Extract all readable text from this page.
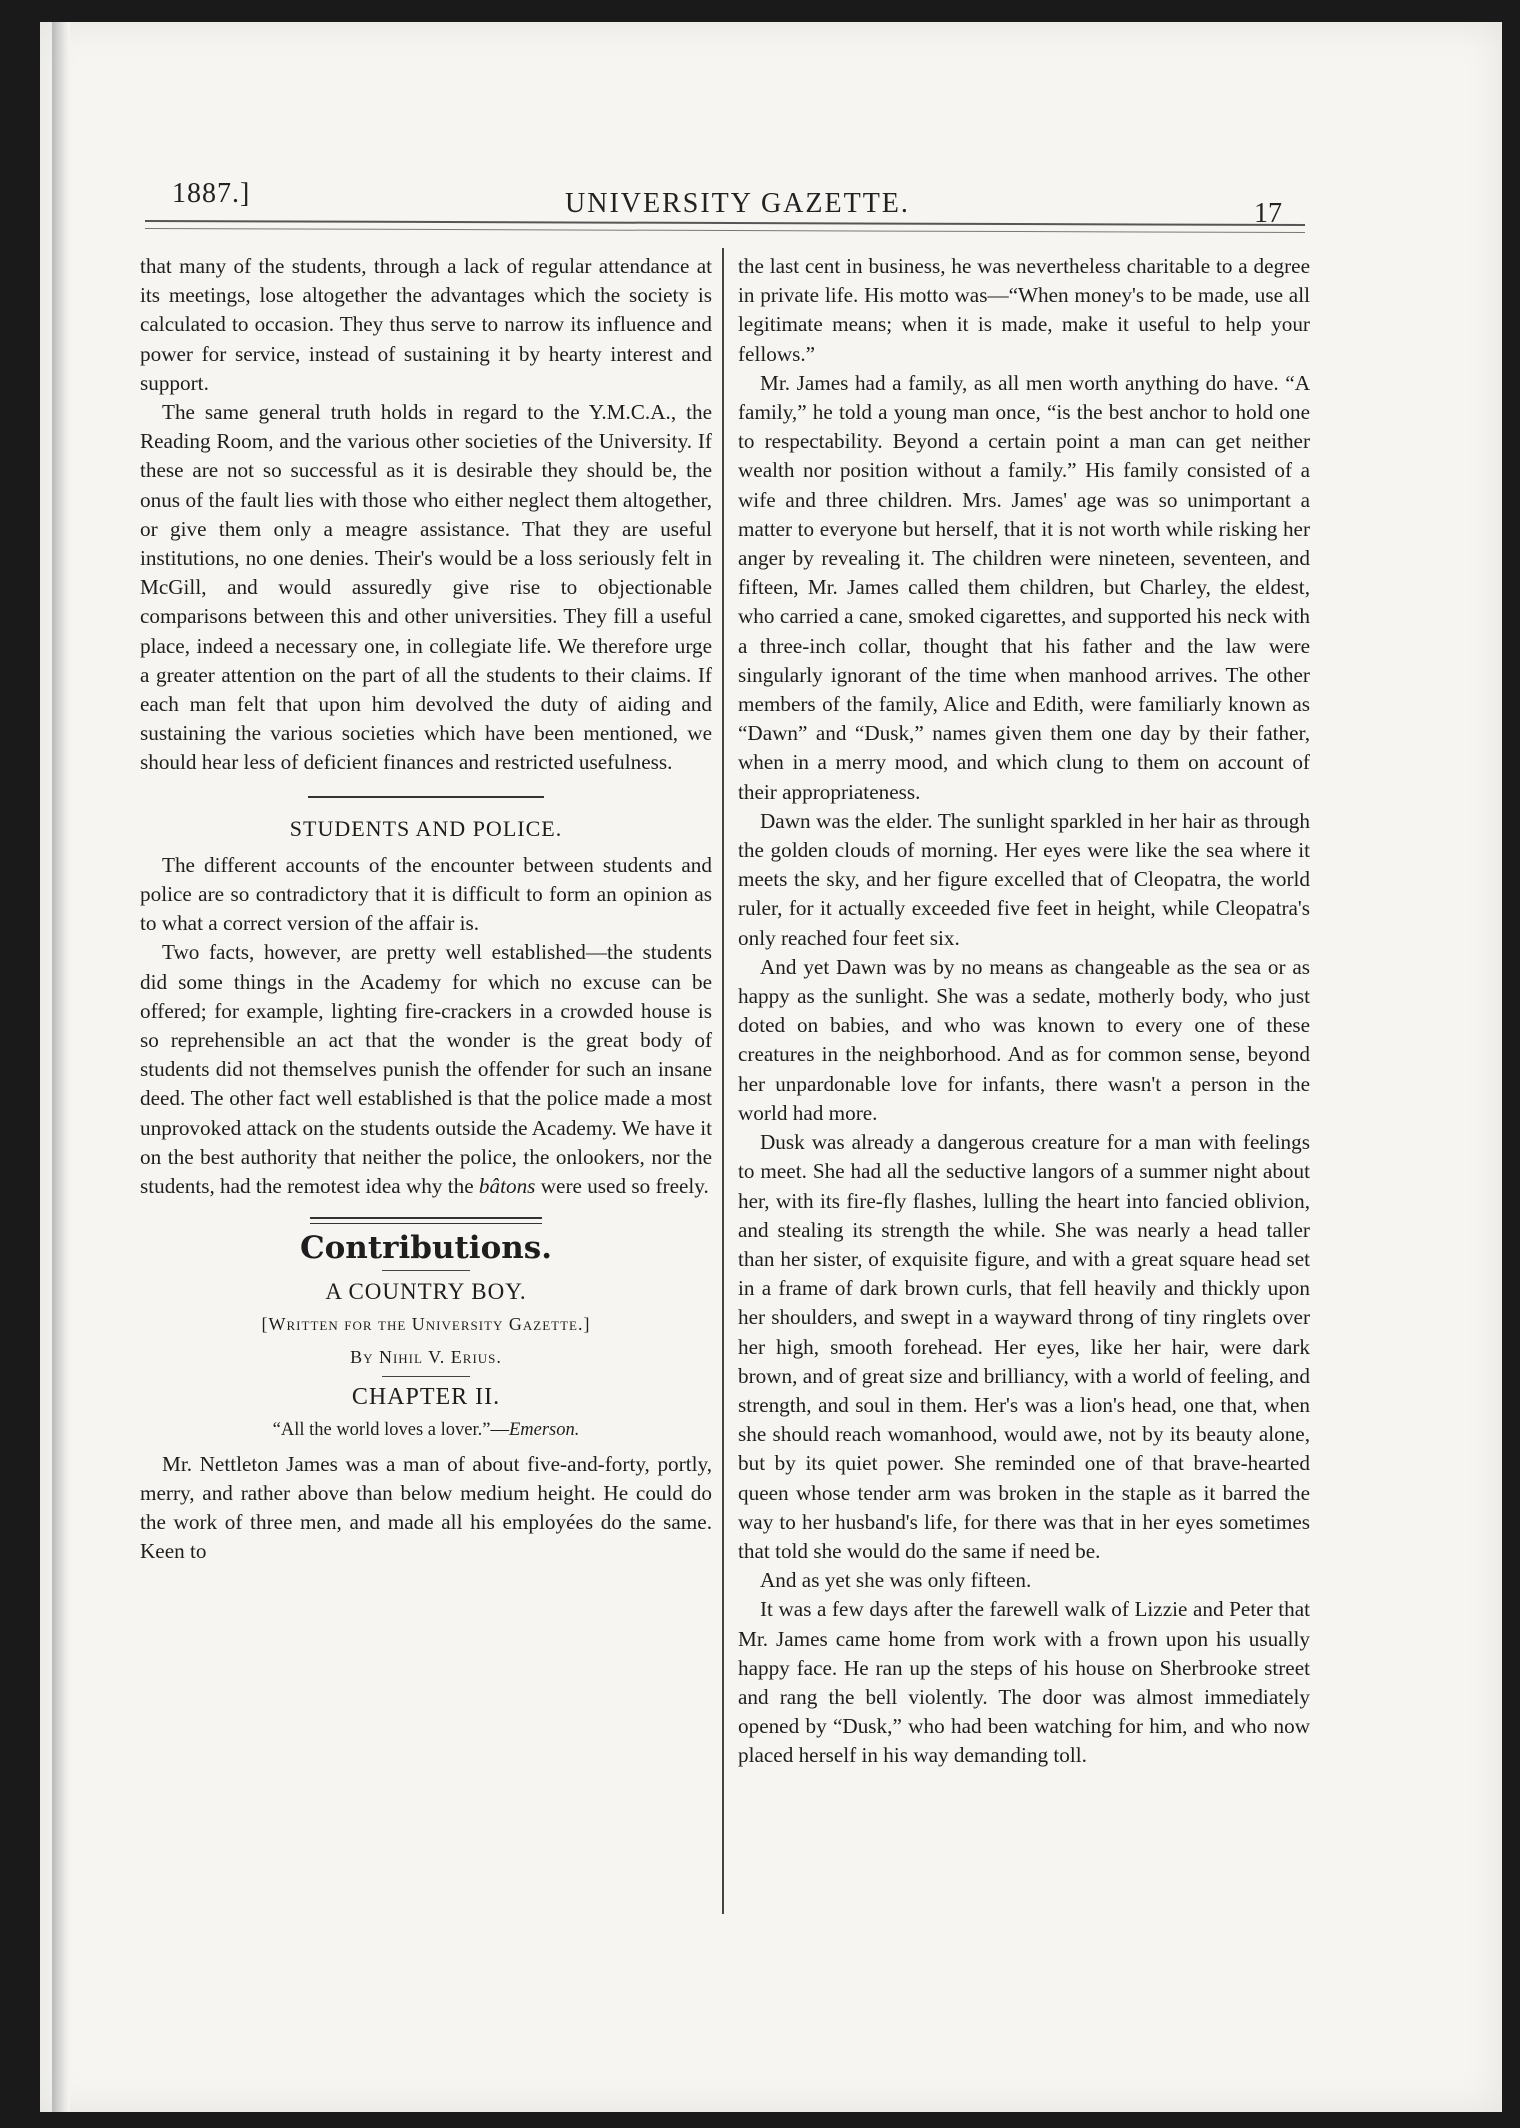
1887.]	UNIVERSITY GAZETTE.	17

that many of the students, through a lack of regular attendance at its meetings, lose altogether the advantages which the society is calculated to occasion. They thus serve to narrow its influence and power for service, instead of sustaining it by hearty interest and support.

The same general truth holds in regard to the Y.M.C.A., the Reading Room, and the various other societies of the University. If these are not so successful as it is desirable they should be, the onus of the fault lies with those who either neglect them altogether, or give them only a meagre assistance. That they are useful institutions, no one denies. Their's would be a loss seriously felt in McGill, and would assuredly give rise to objectionable comparisons between this and other universities. They fill a useful place, indeed a necessary one, in collegiate life. We therefore urge a greater attention on the part of all the students to their claims. If each man felt that upon him devolved the duty of aiding and sustaining the various societies which have been mentioned, we should hear less of deficient finances and restricted usefulness.

STUDENTS AND POLICE.

The different accounts of the encounter between students and police are so contradictory that it is difficult to form an opinion as to what a correct version of the affair is.

Two facts, however, are pretty well established—the students did some things in the Academy for which no excuse can be offered; for example, lighting fire-crackers in a crowded house is so reprehensible an act that the wonder is the great body of students did not themselves punish the offender for such an insane deed. The other fact well established is that the police made a most unprovoked attack on the students outside the Academy. We have it on the best authority that neither the police, the onlookers, nor the students, had the remotest idea why the bâtons were used so freely.

Contributions.
A COUNTRY BOY.
[Written for the University Gazette.]
By Nihil V. Erius.
CHAPTER II.
“All the world loves a lover.”—Emerson.

Mr. Nettleton James was a man of about five-and-forty, portly, merry, and rather above than below medium height. He could do the work of three men, and made all his employées do the same. Keen to

the last cent in business, he was nevertheless charitable to a degree in private life. His motto was—“When money's to be made, use all legitimate means; when it is made, make it useful to help your fellows.”

Mr. James had a family, as all men worth anything do have. “A family,” he told a young man once, “is the best anchor to hold one to respectability. Beyond a certain point a man can get neither wealth nor position without a family.” His family consisted of a wife and three children. Mrs. James' age was so unimportant a matter to everyone but herself, that it is not worth while risking her anger by revealing it. The children were nineteen, seventeen, and fifteen, Mr. James called them children, but Charley, the eldest, who carried a cane, smoked cigarettes, and supported his neck with a three-inch collar, thought that his father and the law were singularly ignorant of the time when manhood arrives. The other members of the family, Alice and Edith, were familiarly known as “Dawn” and “Dusk,” names given them one day by their father, when in a merry mood, and which clung to them on account of their appropriateness.

Dawn was the elder. The sunlight sparkled in her hair as through the golden clouds of morning. Her eyes were like the sea where it meets the sky, and her figure excelled that of Cleopatra, the world ruler, for it actually exceeded five feet in height, while Cleopatra's only reached four feet six.

And yet Dawn was by no means as changeable as the sea or as happy as the sunlight. She was a sedate, motherly body, who just doted on babies, and who was known to every one of these creatures in the neighborhood. And as for common sense, beyond her unpardonable love for infants, there wasn't a person in the world had more.

Dusk was already a dangerous creature for a man with feelings to meet. She had all the seductive langors of a summer night about her, with its fire-fly flashes, lulling the heart into fancied oblivion, and stealing its strength the while. She was nearly a head taller than her sister, of exquisite figure, and with a great square head set in a frame of dark brown curls, that fell heavily and thickly upon her shoulders, and swept in a wayward throng of tiny ringlets over her high, smooth forehead. Her eyes, like her hair, were dark brown, and of great size and brilliancy, with a world of feeling, and strength, and soul in them. Her's was a lion's head, one that, when she should reach womanhood, would awe, not by its beauty alone, but by its quiet power. She reminded one of that brave-hearted queen whose tender arm was broken in the staple as it barred the way to her husband's life, for there was that in her eyes sometimes that told she would do the same if need be.

And as yet she was only fifteen.

It was a few days after the farewell walk of Lizzie and Peter that Mr. James came home from work with a frown upon his usually happy face. He ran up the steps of his house on Sherbrooke street and rang the bell violently. The door was almost immediately opened by “Dusk,” who had been watching for him, and who now placed herself in his way demanding toll.
